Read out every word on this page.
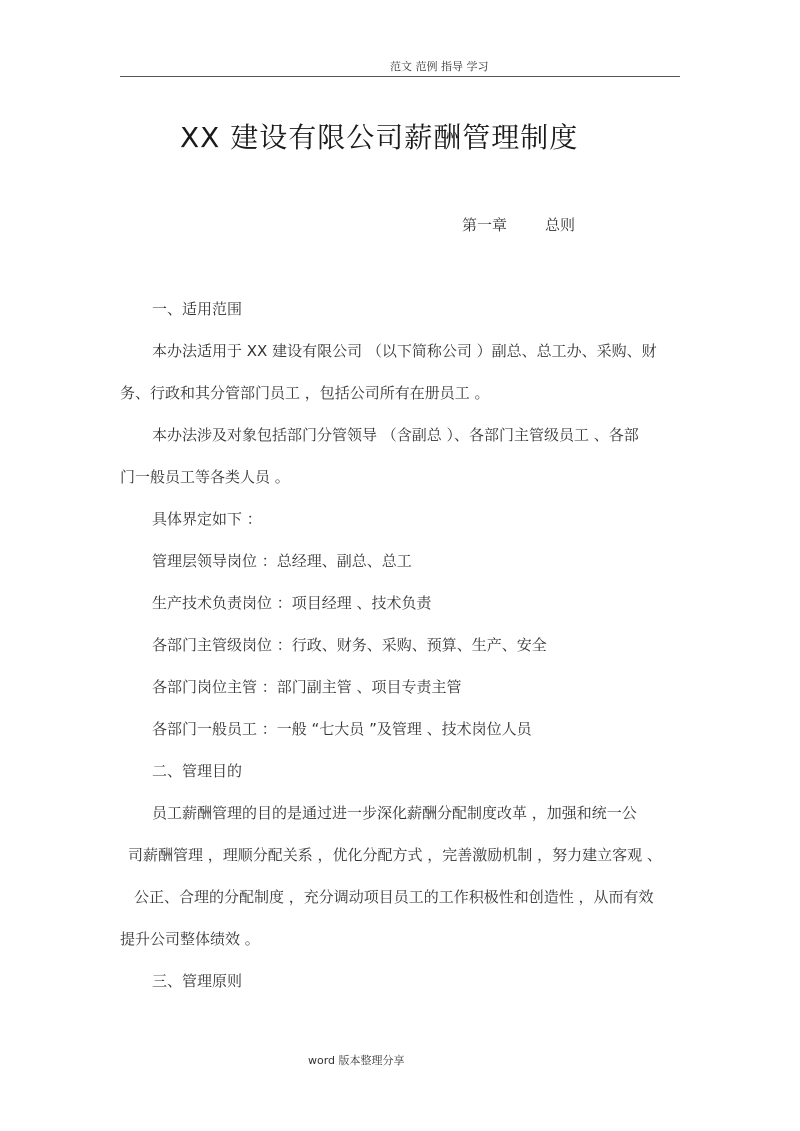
范文 范例 指导 学习
XX 建设有限公司薪酬管理制度
第一章	总则
一、适用范围
本办法适用于 XX 建设有限公司 （以下简称公司 ）副总、总工办、采购、财
务、行政和其分管部门员工 ，包括公司所有在册员工 。
本办法涉及对象包括部门分管领导 （含副总 ）、各部门主管级员工 、各部
门一般员工等各类人员 。
具体界定如下 ：
管理层领导岗位 ：总经理、副总、总工
生产技术负责岗位 ：项目经理 、技术负责
各部门主管级岗位 ：行政、财务、采购、预算、生产、安全
各部门岗位主管 ：部门副主管 、项目专责主管
各部门一般员工 ：一般 “七大员 ”及管理 、技术岗位人员
二、管理目的
员工薪酬管理的目的是通过进一步深化薪酬分配制度改革 ，加强和统一公
司薪酬管理 ，理顺分配关系 ，优化分配方式 ，完善激励机制 ，努力建立客观 、
公正、合理的分配制度 ，充分调动项目员工的工作积极性和创造性 ，从而有效
提升公司整体绩效 。
三、管理原则
word 版本整理分享
